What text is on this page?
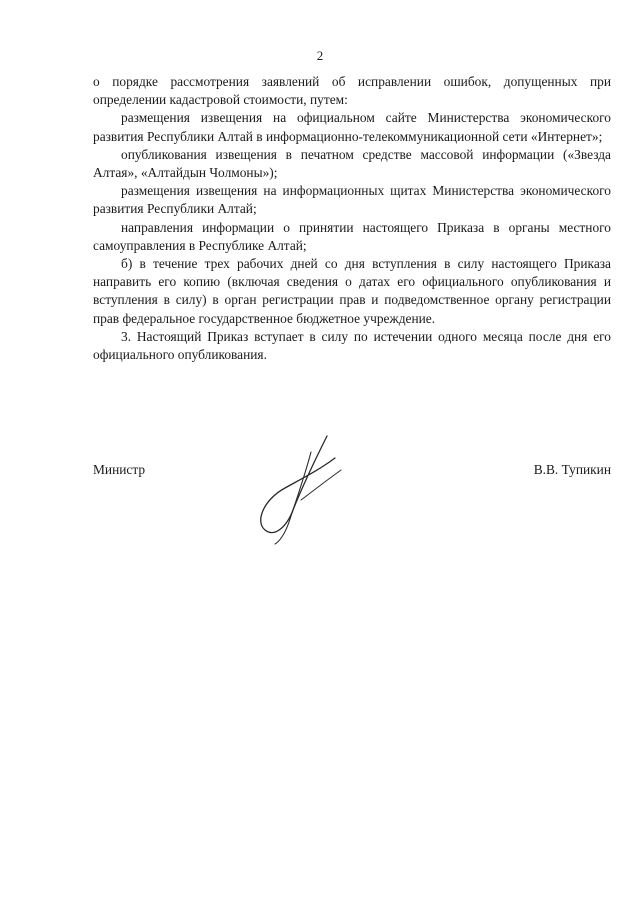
2

о порядке рассмотрения заявлений об исправлении ошибок, допущенных при определении кадастровой стоимости, путем:

размещения извещения на официальном сайте Министерства экономического развития Республики Алтай в информационно-телекоммуникационной сети «Интернет»;

опубликования извещения в печатном средстве массовой информации («Звезда Алтая», «Алтайдын Чолмоны»);

размещения извещения на информационных щитах Министерства экономического развития Республики Алтай;

направления информации о принятии настоящего Приказа в органы местного самоуправления в Республике Алтай;

б) в течение трех рабочих дней со дня вступления в силу настоящего Приказа направить его копию (включая сведения о датах его официального опубликования и вступления в силу) в орган регистрации прав и подведомственное органу регистрации прав федеральное государственное бюджетное учреждение.

3. Настоящий Приказ вступает в силу по истечении одного месяца после дня его официального опубликования.

Министр	В.В. Тупикин
